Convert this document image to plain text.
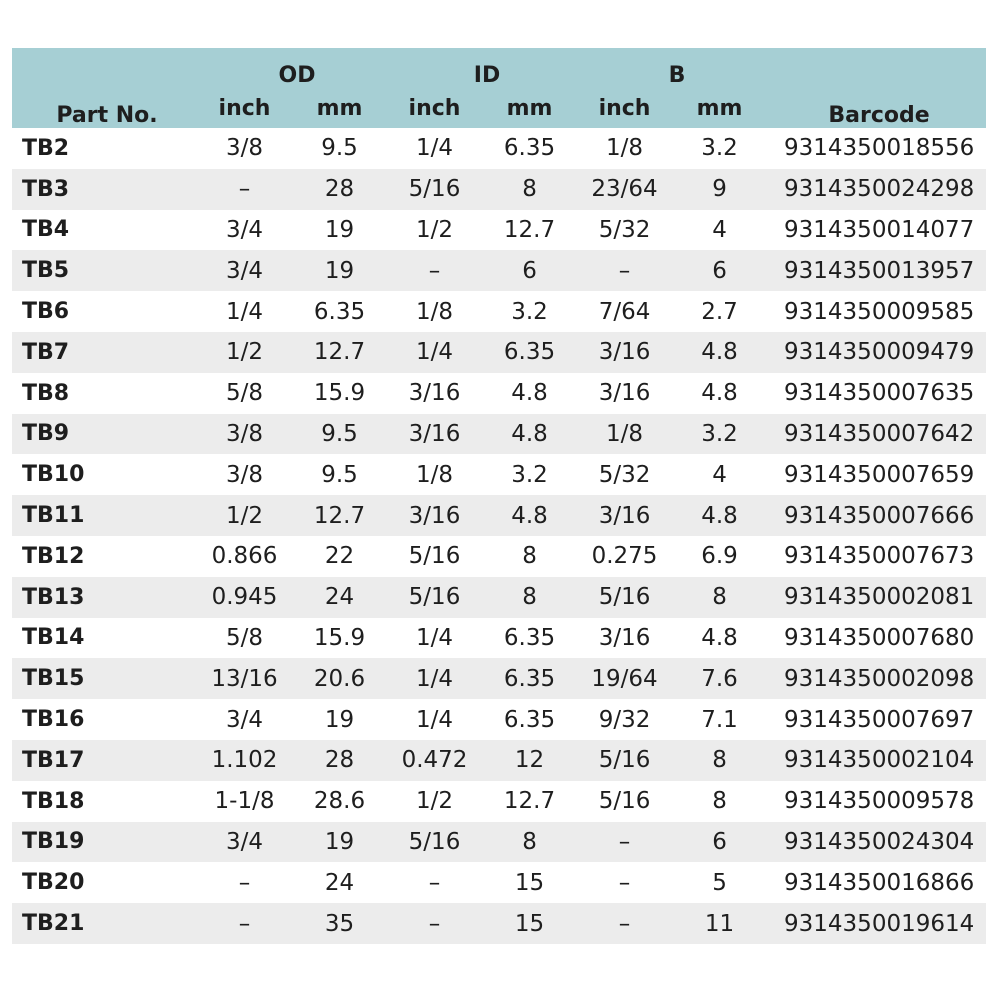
Part No.	OD		ID		B		Barcode
	inch	mm	inch	mm	inch	mm	
TB2	3/8	9.5	1/4	6.35	1/8	3.2	9314350018556
TB3	–	28	5/16	8	23/64	9	9314350024298
TB4	3/4	19	1/2	12.7	5/32	4	9314350014077
TB5	3/4	19	–	6	–	6	9314350013957
TB6	1/4	6.35	1/8	3.2	7/64	2.7	9314350009585
TB7	1/2	12.7	1/4	6.35	3/16	4.8	9314350009479
TB8	5/8	15.9	3/16	4.8	3/16	4.8	9314350007635
TB9	3/8	9.5	3/16	4.8	1/8	3.2	9314350007642
TB10	3/8	9.5	1/8	3.2	5/32	4	9314350007659
TB11	1/2	12.7	3/16	4.8	3/16	4.8	9314350007666
TB12	0.866	22	5/16	8	0.275	6.9	9314350007673
TB13	0.945	24	5/16	8	5/16	8	9314350002081
TB14	5/8	15.9	1/4	6.35	3/16	4.8	9314350007680
TB15	13/16	20.6	1/4	6.35	19/64	7.6	9314350002098
TB16	3/4	19	1/4	6.35	9/32	7.1	9314350007697
TB17	1.102	28	0.472	12	5/16	8	9314350002104
TB18	1-1/8	28.6	1/2	12.7	5/16	8	9314350009578
TB19	3/4	19	5/16	8	–	6	9314350024304
TB20	–	24	–	15	–	5	9314350016866
TB21	–	35	–	15	–	11	9314350019614
